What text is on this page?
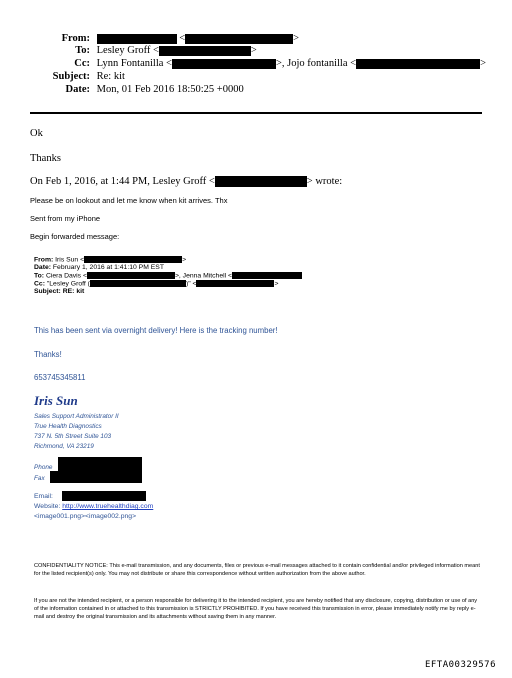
From:	<	>
To: Lesley Groff <	>
Cc: Lynn Fontanilla <	>, Jojo fontanilla <	>
Subject: Re: kit
Date: Mon, 01 Feb 2016 18:50:25 +0000
Ok
Thanks
On Feb 1, 2016, at 1:44 PM, Lesley Groff <	> wrote:
Please be on lookout and let me know when kit arrives. Thx
Sent from my iPhone
Begin forwarded message:
From: Iris Sun <	>
Date: February 1, 2016 at 1:41:10 PM EST
To: Ciera Davis <	>, Jenna Mitchell <
Cc: "Lesley Groff (	)" <	>
Subject: RE: kit
This has been sent via overnight delivery! Here is the tracking number!
Thanks!
653745345811
Iris Sun
Sales Support Administrator II
True Health Diagnostics
737 N. 5th Street Suite 103
Richmond, VA 23219
Phone
Fax
Email:
Website: http://www.truehealthdiag.com
<image001.png><image002.png>
CONFIDENTIALITY NOTICE: This e-mail transmission, and any documents, files or previous e-mail messages attached to it contain confidential and/or privileged information meant for the listed recipient(s) only. You may not distribute or share this correspondence without written authorization from the above author.
If you are not the intended recipient, or a person responsible for delivering it to the intended recipient, you are hereby notified that any disclosure, copying, distribution or use of any of the information contained in or attached to this transmission is STRICTLY PROHIBITED. If you have received this transmission in error, please immediately notify me by reply e-mail and destroy the original transmission and its attachments without saving them in any manner.
EFTA00329576
